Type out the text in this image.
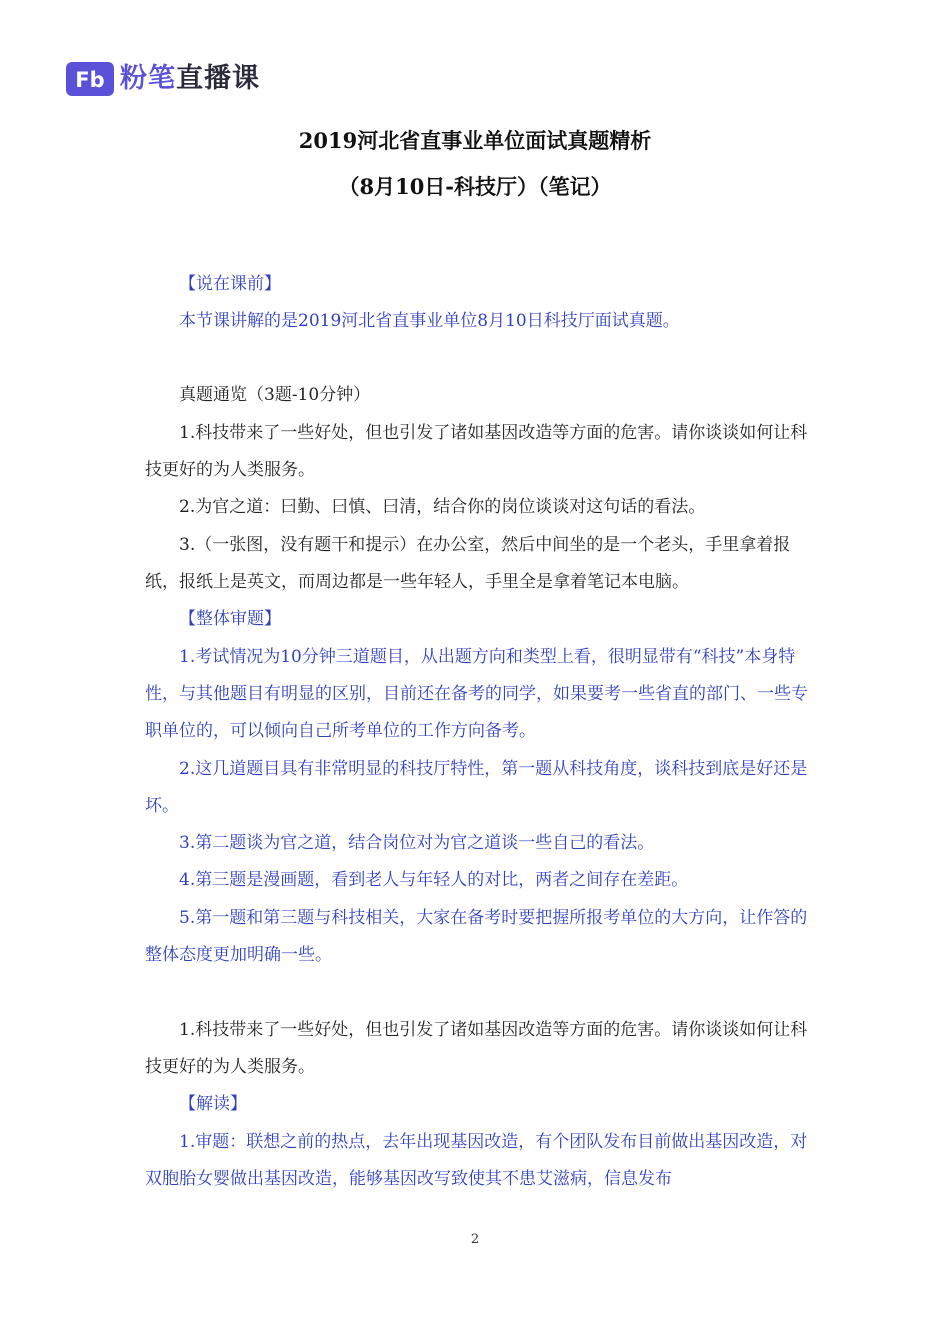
Fb 粉笔直播课
2019河北省直事业单位面试真题精析
（8月10日-科技厅）（笔记）
【说在课前】

本节课讲解的是2019河北省直事业单位8月10日科技厅面试真题。

真题通览（3题-10分钟）

1.科技带来了一些好处，但也引发了诸如基因改造等方面的危害。请你谈谈如何让科技更好的为人类服务。

2.为官之道：曰勤、曰慎、曰清，结合你的岗位谈谈对这句话的看法。

3.（一张图，没有题干和提示）在办公室，然后中间坐的是一个老头，手里拿着报纸，报纸上是英文，而周边都是一些年轻人，手里全是拿着笔记本电脑。

【整体审题】

1.考试情况为10分钟三道题目，从出题方向和类型上看，很明显带有“科技”本身特性，与其他题目有明显的区别，目前还在备考的同学，如果要考一些省直的部门、一些专职单位的，可以倾向自己所考单位的工作方向备考。

2.这几道题目具有非常明显的科技厅特性，第一题从科技角度，谈科技到底是好还是坏。

3.第二题谈为官之道，结合岗位对为官之道谈一些自己的看法。

4.第三题是漫画题，看到老人与年轻人的对比，两者之间存在差距。

5.第一题和第三题与科技相关，大家在备考时要把握所报考单位的大方向，让作答的整体态度更加明确一些。

1.科技带来了一些好处，但也引发了诸如基因改造等方面的危害。请你谈谈如何让科技更好的为人类服务。

【解读】

1.审题：联想之前的热点，去年出现基因改造，有个团队发布目前做出基因改造，对双胞胎女婴做出基因改造，能够基因改写致使其不患艾滋病，信息发布

2
